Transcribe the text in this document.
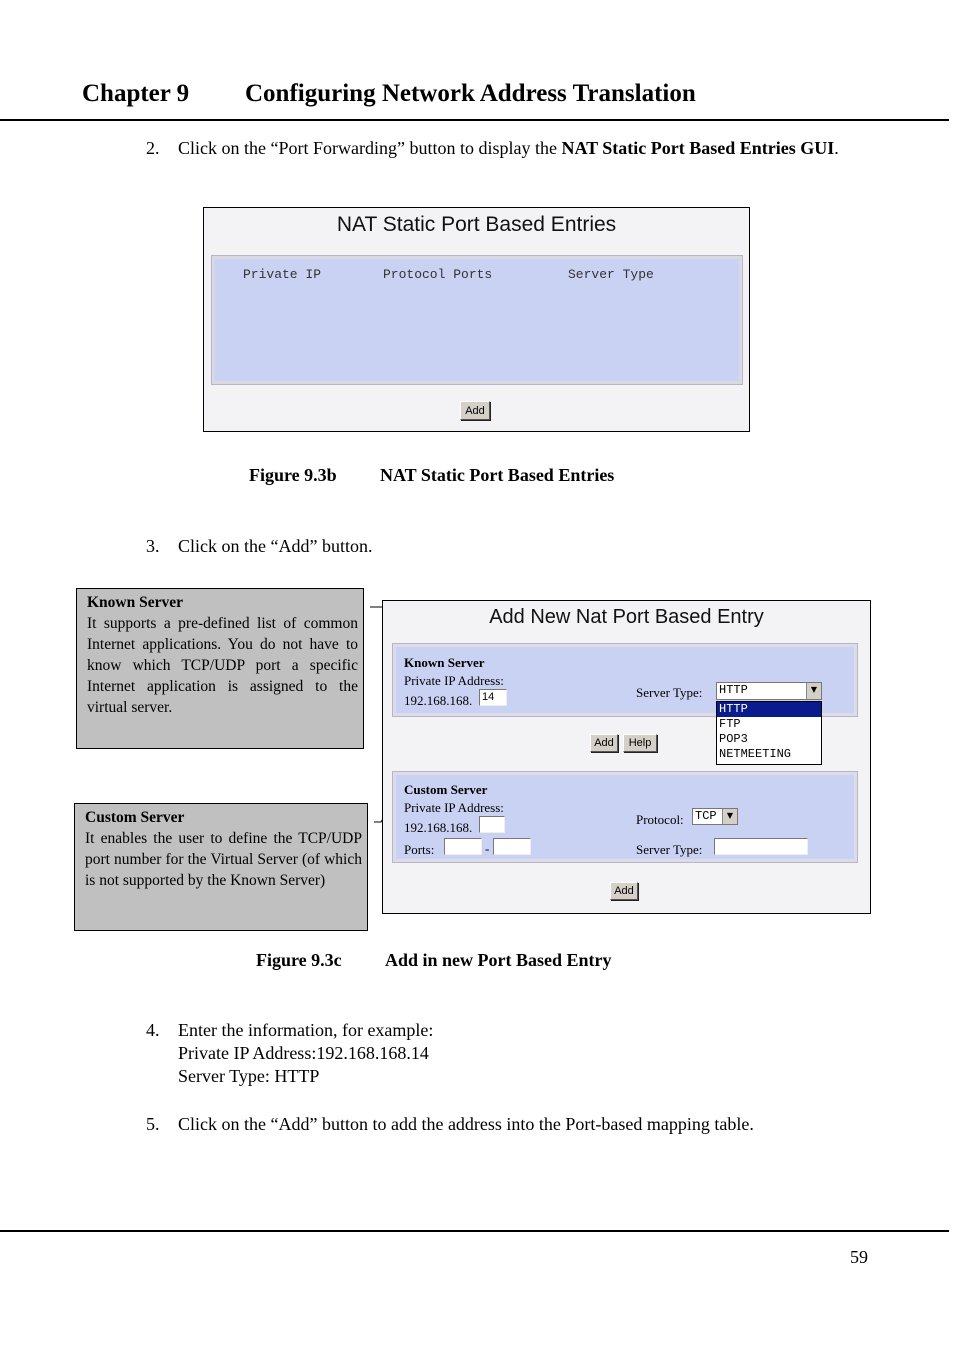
Chapter 9 Configuring Network Address Translation
2. Click on the “Port Forwarding” button to display the NAT Static Port Based Entries GUI.
NAT Static Port Based Entries
Private IP	Protocol Ports	Server Type
Add
Figure 9.3b NAT Static Port Based Entries
3. Click on the “Add” button.
Known Server
It supports a pre-defined list of common Internet applications. You do not have to know which TCP/UDP port a specific Internet application is assigned to the virtual server.
Custom Server
It enables the user to define the TCP/UDP port number for the Virtual Server (of which is not supported by the Known Server)
Add New Nat Port Based Entry
Known Server
Private IP Address:
192.168.168. 14	Server Type: HTTP	▼
HTTP
FTP
POP3
NETMEETING
Add	Help
Custom Server
Private IP Address:
192.168.168.
Ports:	-
Protocol: TCP	▼
Server Type:
Add
Figure 9.3c Add in new Port Based Entry
4. Enter the information, for example:
Private IP Address:192.168.168.14
Server Type: HTTP
5. Click on the “Add” button to add the address into the Port-based mapping table.
59
